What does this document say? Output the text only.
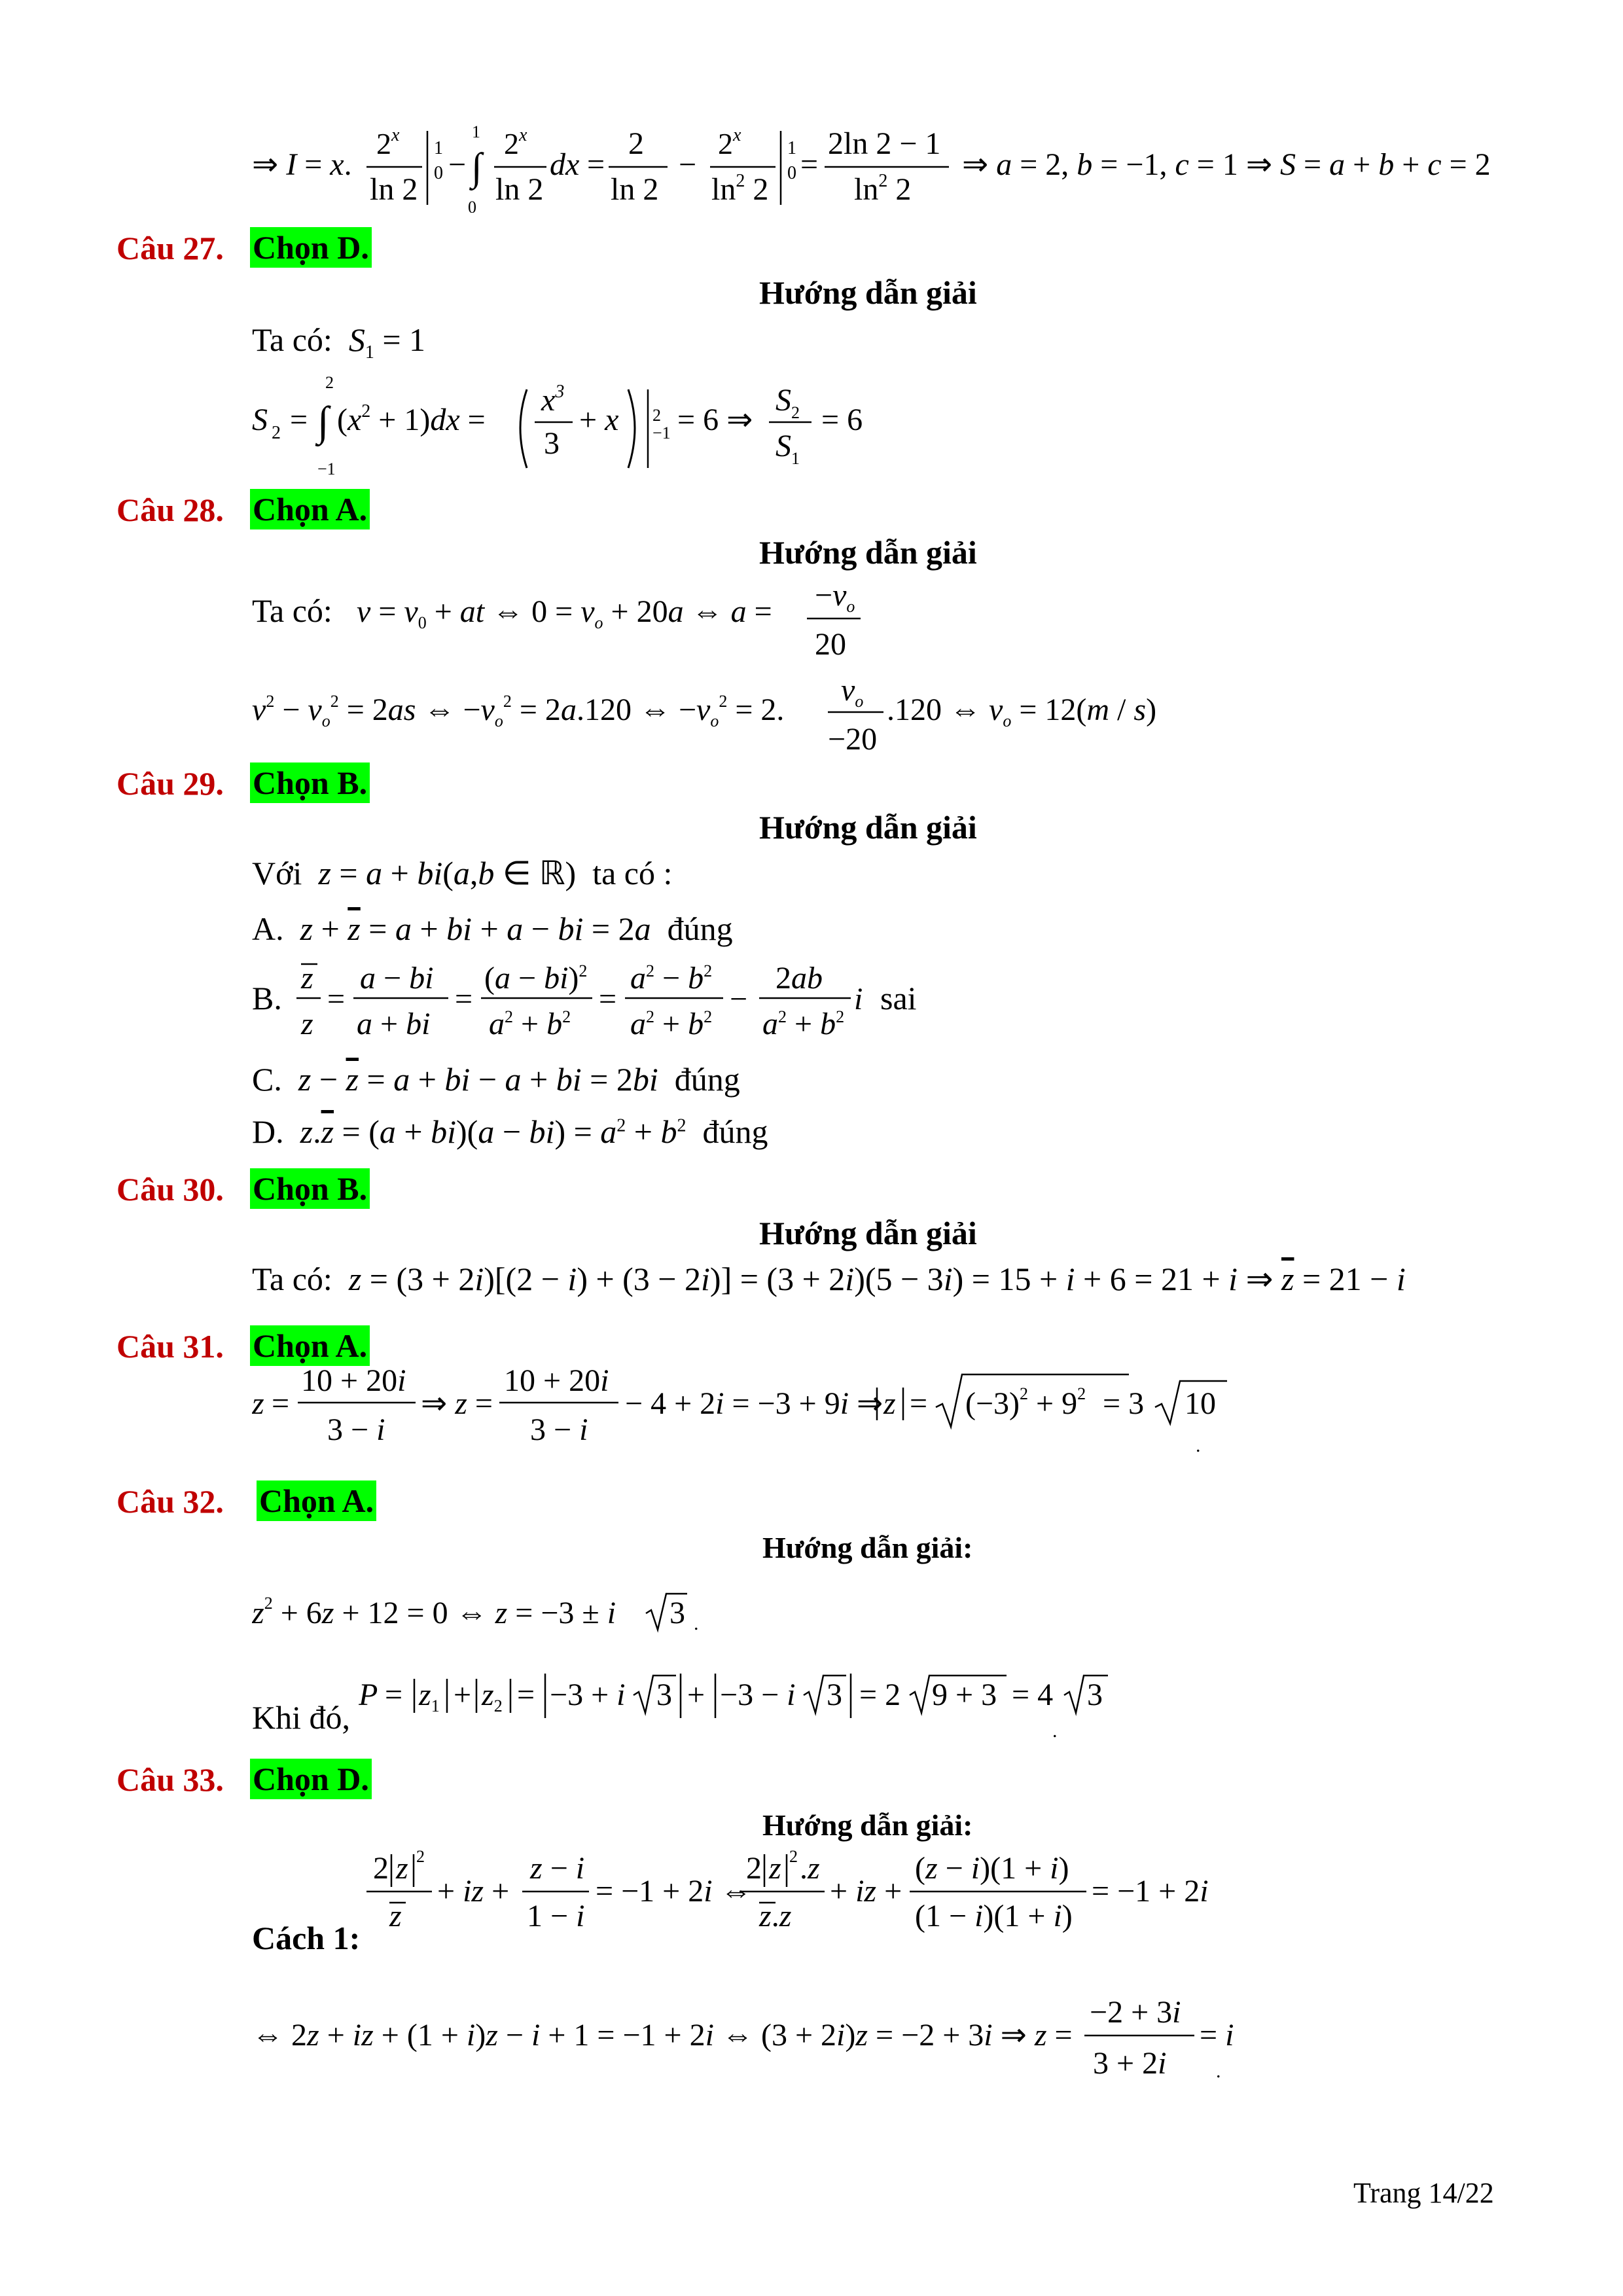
⇒ I = x.
2$^x$
ln 2
1
0 − ∫
1
0
2$^x$
ln 2
dx =
2
ln 2
−
$2^x$
$\ln^2 2$
1
0 =
2ln 2 − 1
$\ln^2 2$
⇒ a = 2, b = −1, c = 1 ⇒ S = a + b + c = 2
Câu 27. Chọn D.
Hướng dẫn giải
Ta có:  $S_1 = 1$
S 2 = ∫
2
−1
$(x^2 + 1)dx$ =
$x^3$
3
+ x 2
−1 = 6 ⇒
$S_2$
$S_1$
= 6
Câu 28. Chọn A.
Hướng dẫn giải
Ta có: $v = v_0$ + at ⇔ $0 = v_o + 20a$ ⇔ $a = -v_o$
20
$v^2 - v_o^2 = 2as$ ⇔ $-v_o^2 = 2a.120$ ⇔ $-v_o^2 = 2$.
$v_o$
−20
.120 ⇔ $v_o = 12(m / s)$
Câu 29. Chọn B.
Hướng dẫn giải
Với  z = a + bi(a,b ∈ ℝ)  ta có :
A.  $z + \overline{z} = a$ + bi + a − bi = 2a  đúng
B.
z
z
=
a − bi
a + bi
=
(a − bi)$^2$
$a^2 + b^2$
=
$a^2 - b^2$
$a^2 + b^2$
−
2ab
$a^2 + b^2$
i sai
C.  $z - \overline{z} = a$ + bi − a + bi = 2bi  đúng
D.  $z.\overline{z} = (a + bi)(a - bi) = a^2 + b^2$  đúng
Câu 30. Chọn B.
Hướng dẫn giải
Ta có:  z = (3 + 2i)[(2 − i) + (3 − 2i)] = (3 + 2i)(5 − 3i) = 15 + i + 6 = 21 + i ⇒ $\overline{z} = 21 - i$
Câu 31. Chọn A.
z =
10 + 20i
3 − i
⇒ z =
10 + 20i
3 − i
− 4 + 2i = −3 + 9i ⇒ $z = (-3)^2 + 9^2 = 3$ 10
.
Câu 32. Chọn A.
Hướng dẫn giải:
$z^2 + 6z + 12 = 0$ ⇔ z = −3 ± i 3 .
Khi đó,
$P = z_1 + z_2 = -3 + i$ 3 + −3 − i 3 = 2 9 + 3 = 4 3
.
Câu 33. Chọn D.
Hướng dẫn giải:
Cách 1:
2 z 2
z
+ iz +
z − i
1 − i
= −1 + 2i ⇔
2 z 2 .z
z.z
+ iz +
(z − i)(1 + i)
(1 − i)(1 + i)
= −1 + 2i
⇔ 2z + iz + (1 + i)z − i + 1 = −1 + 2i ⇔ (3 + 2i)z = −2 + 3i ⇒ z =
−2 + 3i
3 + 2i
= i
.
Trang 14/22
